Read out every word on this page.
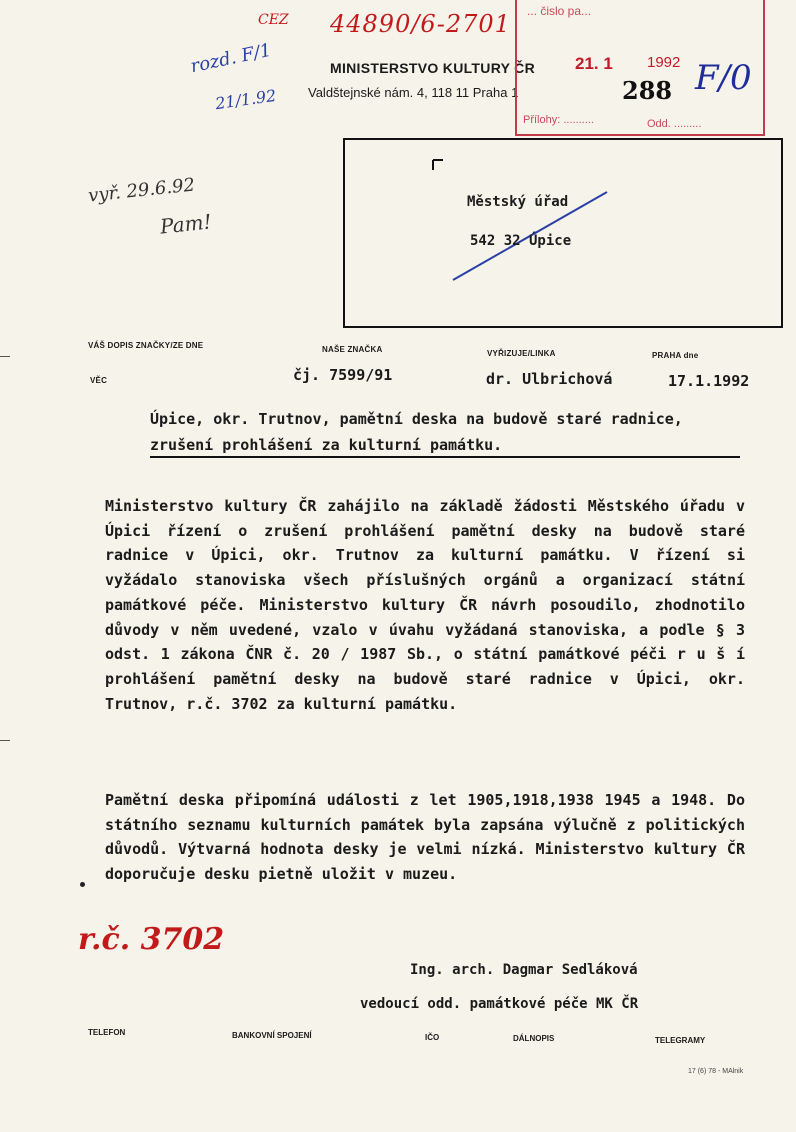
44890/6-2701
CEZ
rozd. F/1
21/1.92
vyř. 29.6.92
Pam!
MINISTERSTVO KULTURY ČR
Valdštejnské nám. 4, 118 11 Praha 1
... čislo pa...
21. 1 1992
288 F/0
Přílohy: ..........	Odd. .........
Městský úřad
542 32 Úpice
VÁŠ DOPIS ZNAČKY/ZE DNE	NAŠE ZNAČKA	VYŘIZUJE/LINKA	PRAHA dne
VĚC	čj. 7599/91	dr. Ulbrichová	17.1.1992
Úpice, okr. Trutnov, pamětní deska na budově staré radnice, zrušení prohlášení za kulturní památku.
Ministerstvo kultury ČR zahájilo na základě žádosti Městského úřadu v Úpici řízení o zrušení prohlášení pamětní desky na budově staré radnice v Úpici, okr. Trutnov za kulturní památku. V řízení si vyžádalo stanoviska všech příslušných orgánů a organizací státní památkové péče. Ministerstvo kultury ČR návrh posoudilo, zhodnotilo důvody v něm uvedené, vzalo v úvahu vyžádaná stanoviska, a podle § 3 odst. 1 zákona ČNR č. 20 / 1987 Sb., o státní památkové péči r u š í prohlášení pamětní desky na budově staré radnice v Úpici, okr. Trutnov, r.č. 3702 za kulturní památku.
Pamětní deska připomíná události z let 1905,1918,1938 1945 a 1948. Do státního seznamu kulturních památek byla zapsána výlučně z politických důvodů. Výtvarná hodnota desky je velmi nízká. Ministerstvo kultury ČR doporučuje desku pietně uložit v muzeu.
r.č. 3702
Ing. arch. Dagmar Sedláková
vedoucí odd. památkové péče MK ČR
TELEFON	BANKOVNÍ SPOJENÍ	IČO	DÁLNOPIS	TELEGRAMY
17 (6) 78 - MAlnik
